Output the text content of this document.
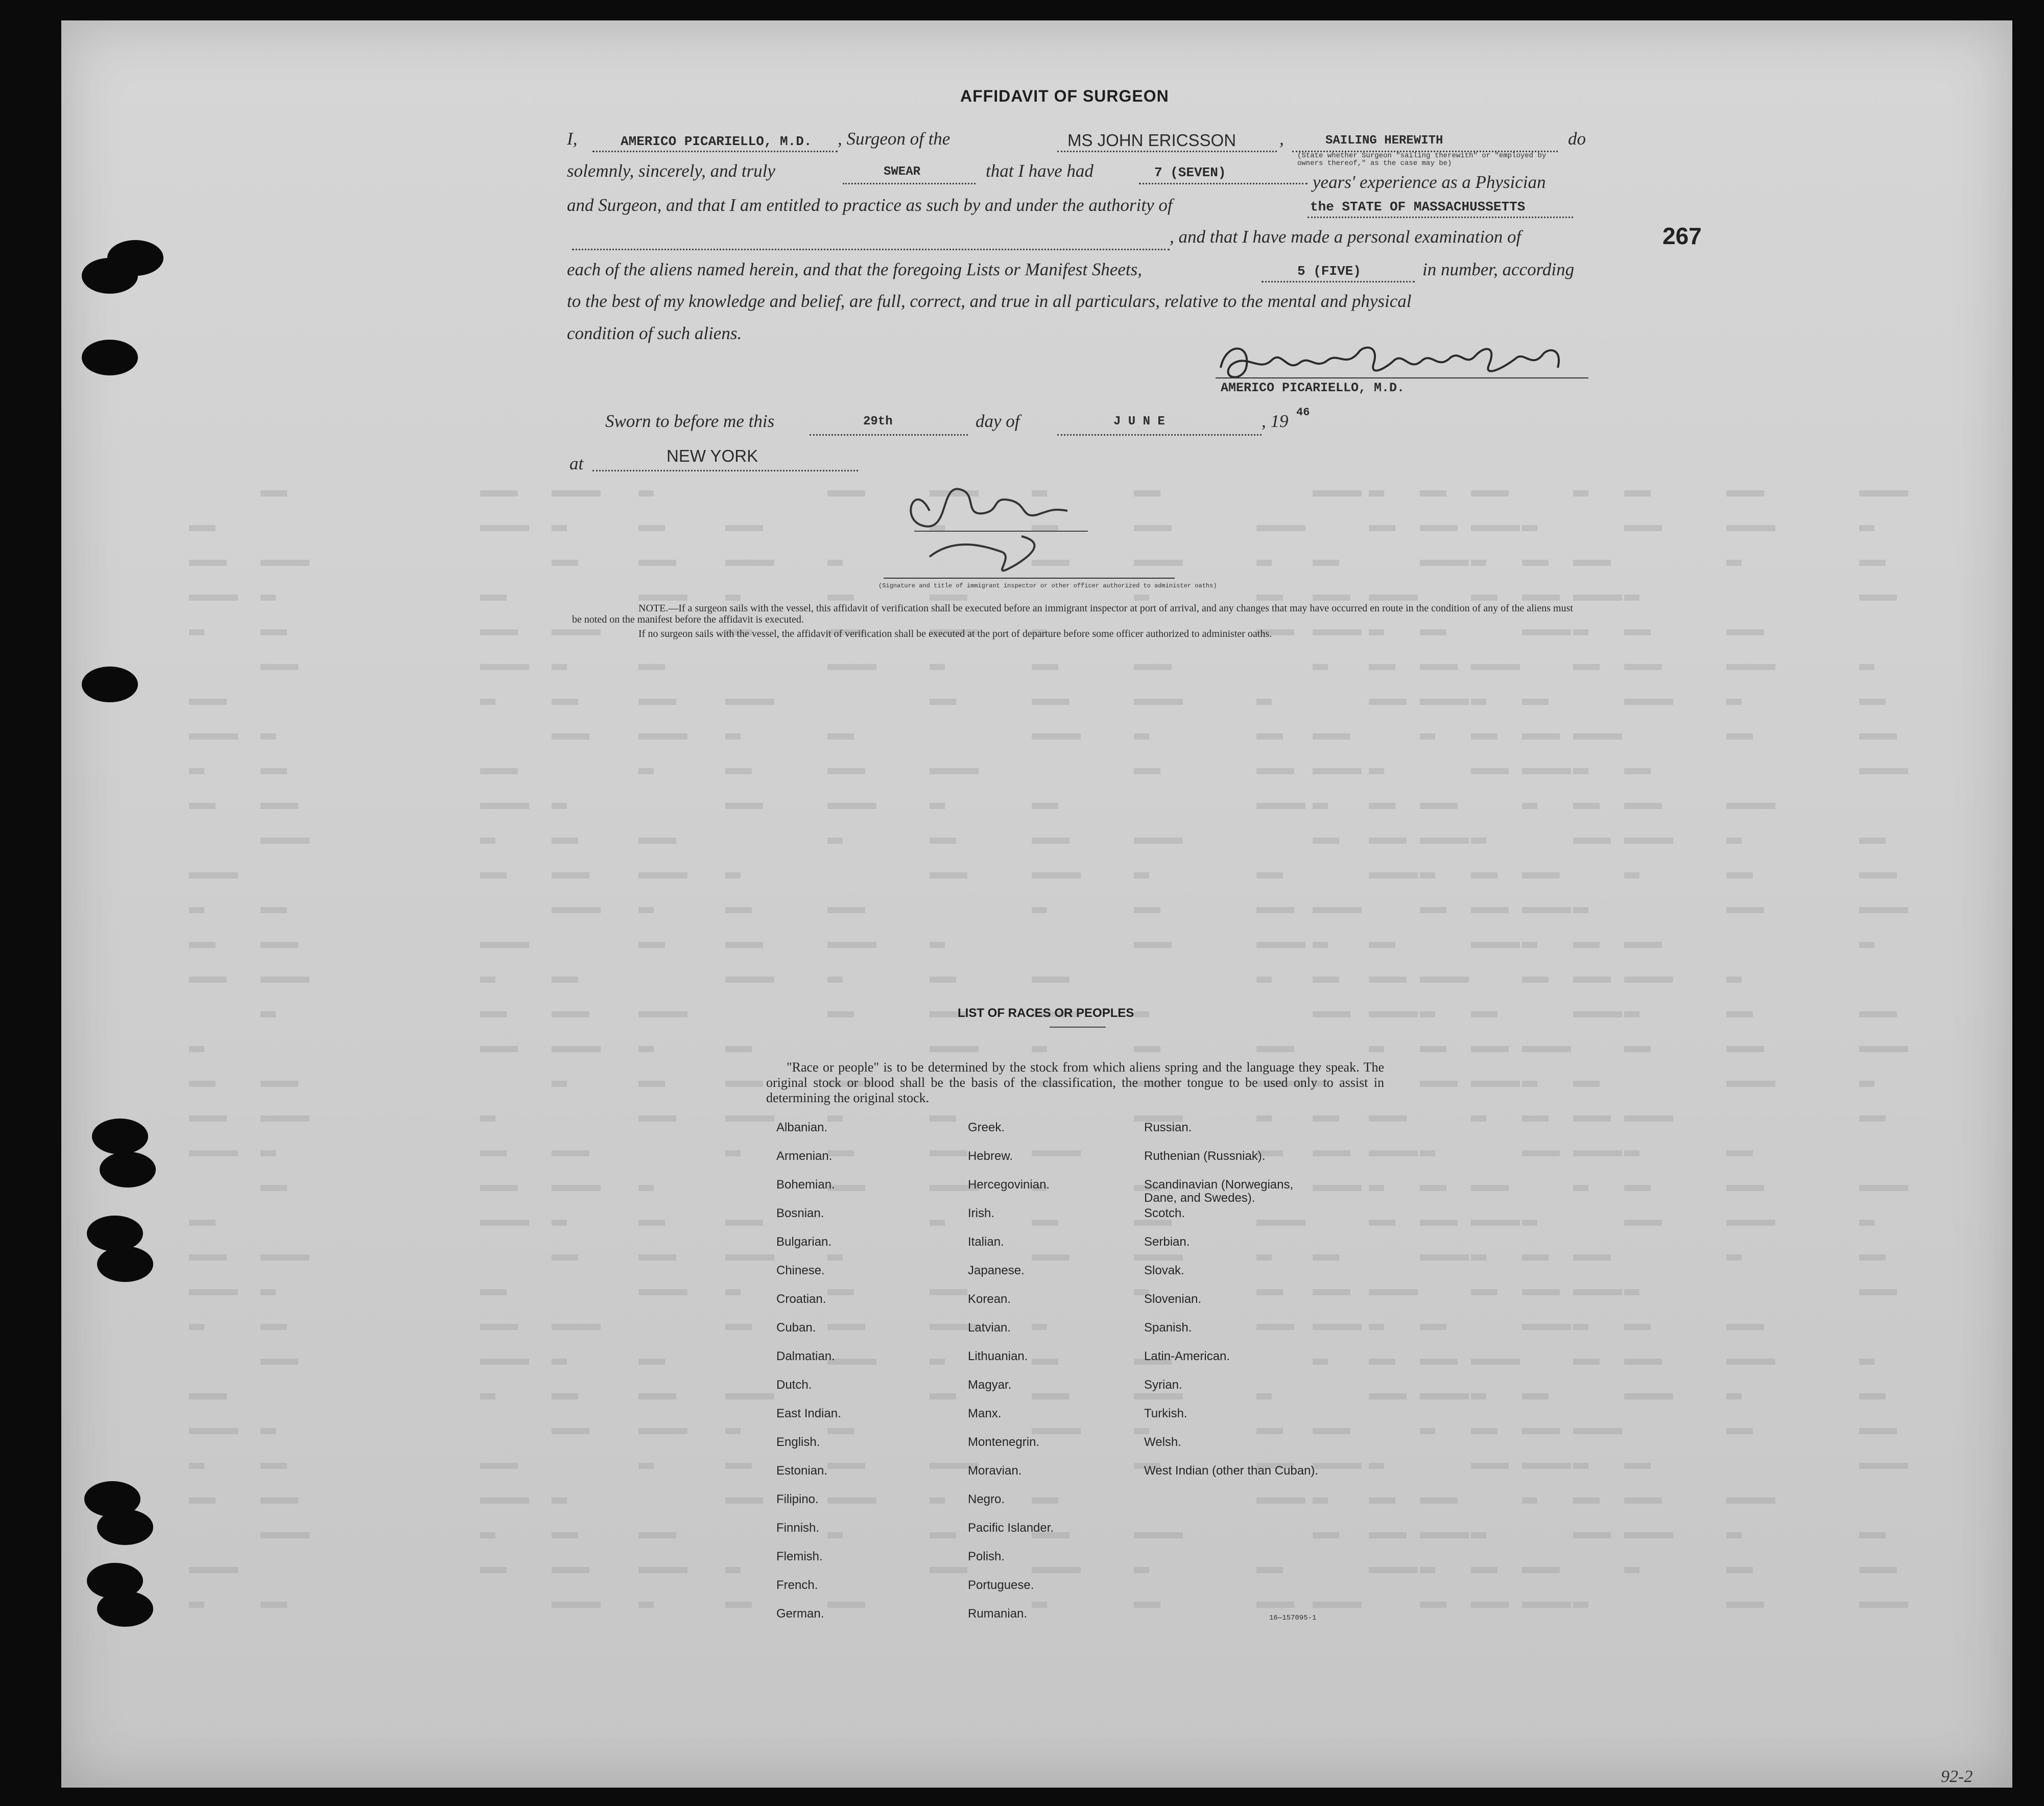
AFFIDAVIT OF SURGEON
I,	AMERICO PICARIELLO, M.D. , Surgeon of the	MS JOHN ERICSSON ,	SAILING HEREWITH
(State whether Surgeon "sailing therewith" or "employed by owners thereof," as the case may be)
do
solemnly, sincerely, and truly	SWEAR	that I have had	7 (SEVEN)	years' experience as a Physician
and Surgeon, and that I am entitled to practice as such by and under the authority of	the STATE OF MASSACHUSSETTS
, and that I have made a personal examination of
each of the aliens named herein, and that the foregoing Lists or Manifest Sheets,	5 (FIVE)	in number, according
to the best of my knowledge and belief, are full, correct, and true in all particulars, relative to the mental and physical
condition of such aliens.
AMERICO PICARIELLO, M.D.
Sworn to before me this	29th	day of	J U N E	, 19 46
at	NEW YORK
(Signature and title of immigrant inspector or other officer authorized to administer oaths)
NOTE.—If a surgeon sails with the vessel, this affidavit of verification shall be executed before an immigrant inspector at port of arrival, and any changes that may have occurred en route in the condition of any of the aliens must be noted on the manifest before the affidavit is executed.
If no surgeon sails with the vessel, the affidavit of verification shall be executed at the port of departure before some officer authorized to administer oaths.
267
LIST OF RACES OR PEOPLES
"Race or people" is to be determined by the stock from which aliens spring and the language they speak. The original stock or blood shall be the basis of the classification, the mother tongue to be used only to assist in determining the original stock.
Albanian.
Armenian.
Bohemian.
Bosnian.
Bulgarian.
Chinese.
Croatian.
Cuban.
Dalmatian.
Dutch.
East Indian.
English.
Estonian.
Filipino.
Finnish.
Flemish.
French.
German.
Greek.
Hebrew.
Hercegovinian.
Irish.
Italian.
Japanese.
Korean.
Latvian.
Lithuanian.
Magyar.
Manx.
Montenegrin.
Moravian.
Negro.
Pacific Islander.
Polish.
Portuguese.
Rumanian.
Russian.
Ruthenian (Russniak).
Scandinavian (Norwegians, Dane, and Swedes).
Scotch.
Serbian.
Slovak.
Slovenian.
Spanish.
Latin-American.
Syrian.
Turkish.
Welsh.
West Indian (other than Cuban).
16—157095-1
92-2
